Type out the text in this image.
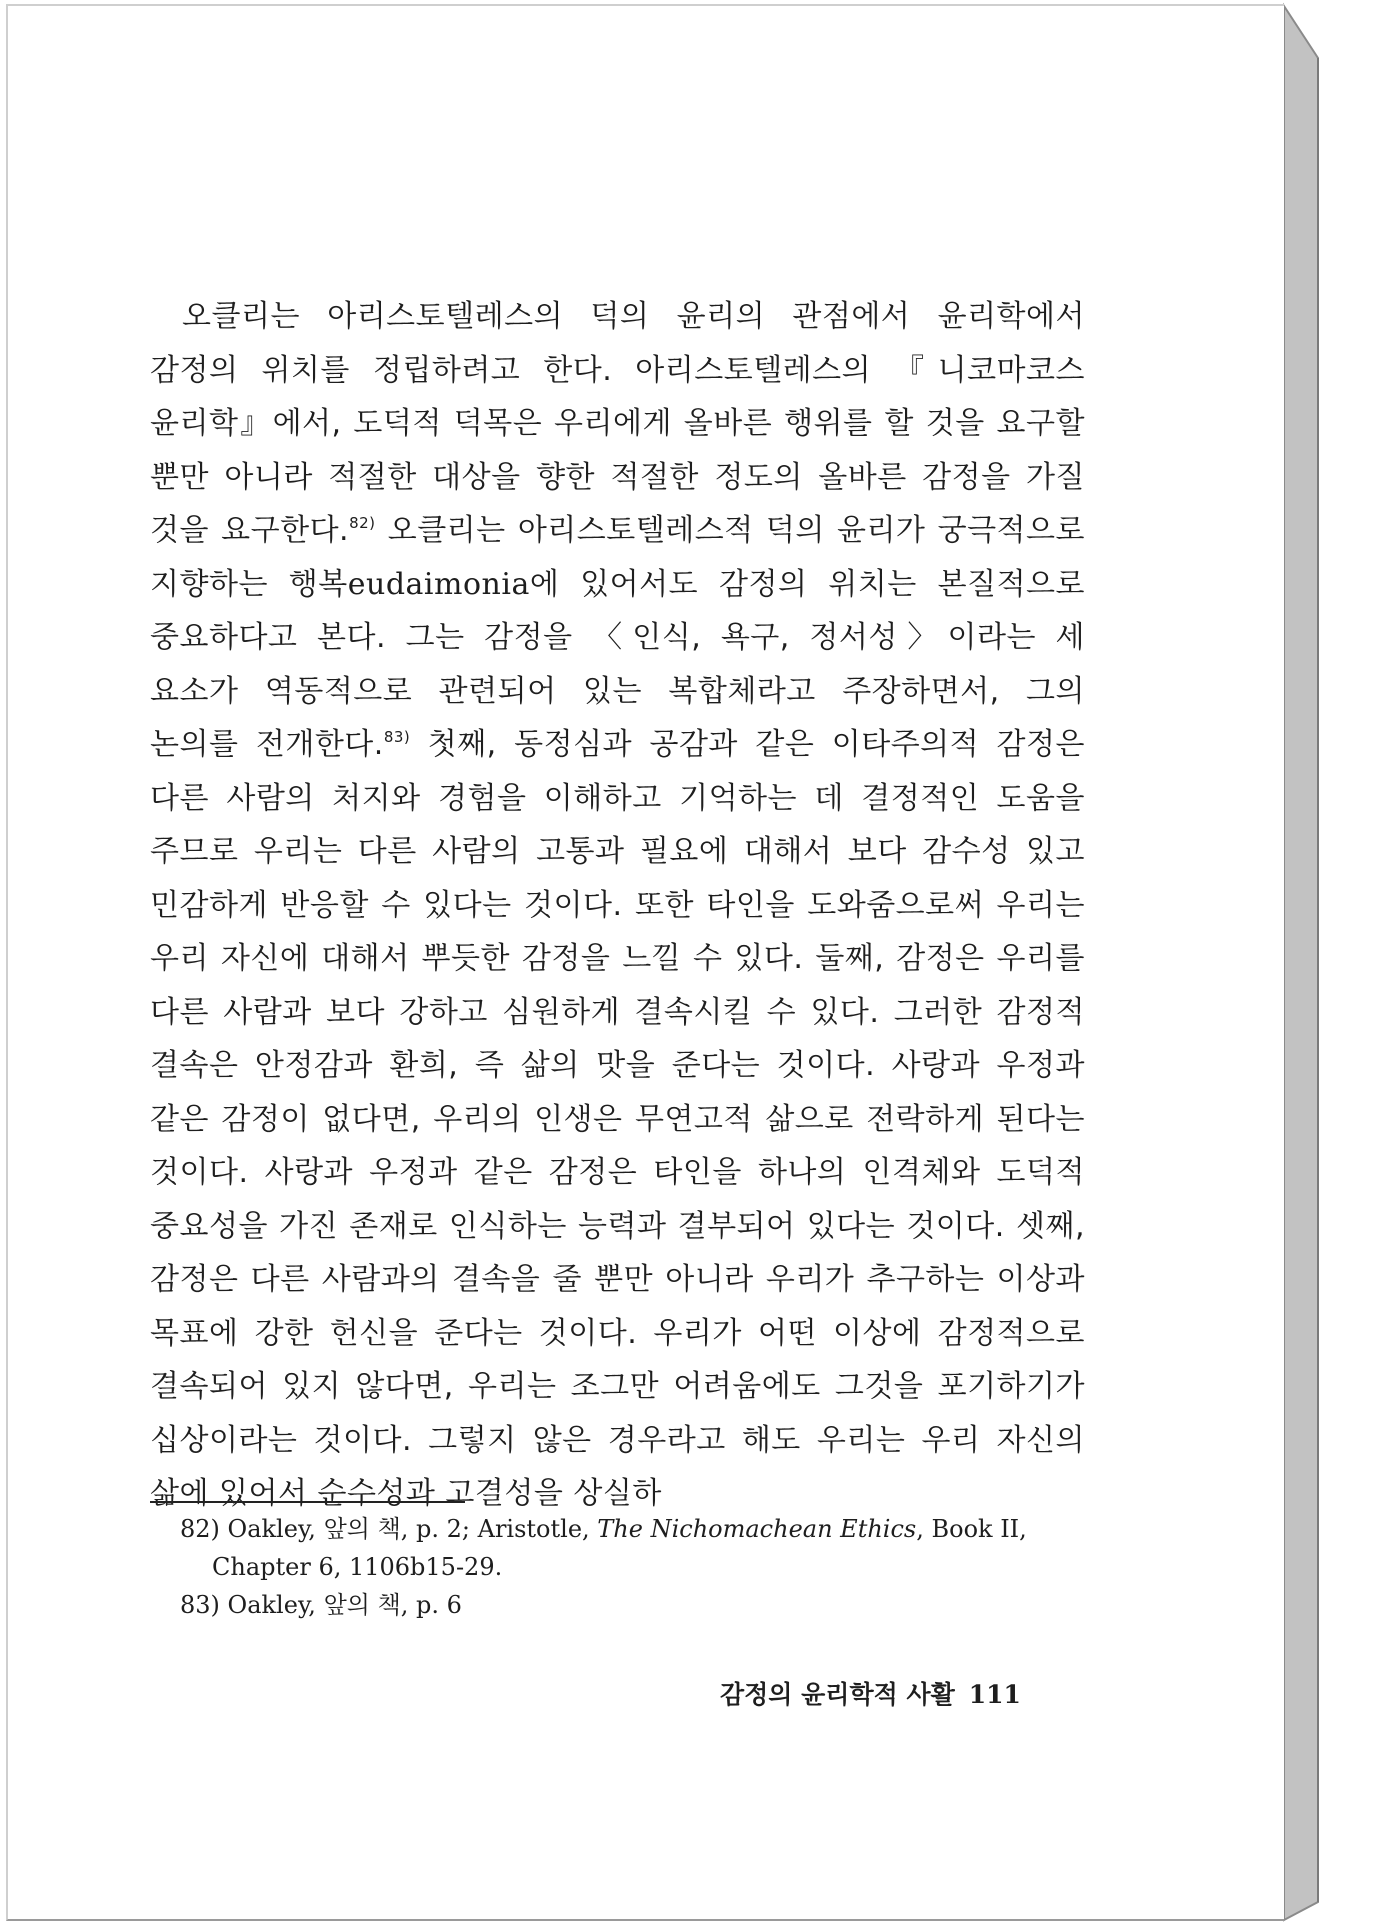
오클리는 아리스토텔레스의 덕의 윤리의 관점에서 윤리학에서 감정의 위치를 정립하려고 한다. 아리스토텔레스의 『니코마코스 윤리학』에서, 도덕적 덕목은 우리에게 올바른 행위를 할 것을 요구할 뿐만 아니라 적절한 대상을 향한 적절한 정도의 올바른 감정을 가질 것을 요구한다.$^{82)}$ 오클리는 아리스토텔레스적 덕의 윤리가 궁극적으로 지향하는 행복eudaimonia에 있어서도 감정의 위치는 본질적으로 중요하다고 본다. 그는 감정을 〈인식, 욕구, 정서성〉이라는 세 요소가 역동적으로 관련되어 있는 복합체라고 주장하면서, 그의 논의를 전개한다.$^{83)}$ 첫째, 동정심과 공감과 같은 이타주의적 감정은 다른 사람의 처지와 경험을 이해하고 기억하는 데 결정적인 도움을 주므로 우리는 다른 사람의 고통과 필요에 대해서 보다 감수성 있고 민감하게 반응할 수 있다는 것이다. 또한 타인을 도와줌으로써 우리는 우리 자신에 대해서 뿌듯한 감정을 느낄 수 있다. 둘째, 감정은 우리를 다른 사람과 보다 강하고 심원하게 결속시킬 수 있다. 그러한 감정적 결속은 안정감과 환희, 즉 삶의 맛을 준다는 것이다. 사랑과 우정과 같은 감정이 없다면, 우리의 인생은 무연고적 삶으로 전락하게 된다는 것이다. 사랑과 우정과 같은 감정은 타인을 하나의 인격체와 도덕적 중요성을 가진 존재로 인식하는 능력과 결부되어 있다는 것이다. 셋째, 감정은 다른 사람과의 결속을 줄 뿐만 아니라 우리가 추구하는 이상과 목표에 강한 헌신을 준다는 것이다. 우리가 어떤 이상에 감정적으로 결속되어 있지 않다면, 우리는 조그만 어려움에도 그것을 포기하기가 십상이라는 것이다. 그렇지 않은 경우라고 해도 우리는 우리 자신의 삶에 있어서 순수성과 고결성을 상실하

82) Oakley, 앞의 책, p. 2; Aristotle, The Nichomachean Ethics, Book II, Chapter 6, 1106b15-29.
83) Oakley, 앞의 책, p. 6
감정의 윤리학적 사활 111
